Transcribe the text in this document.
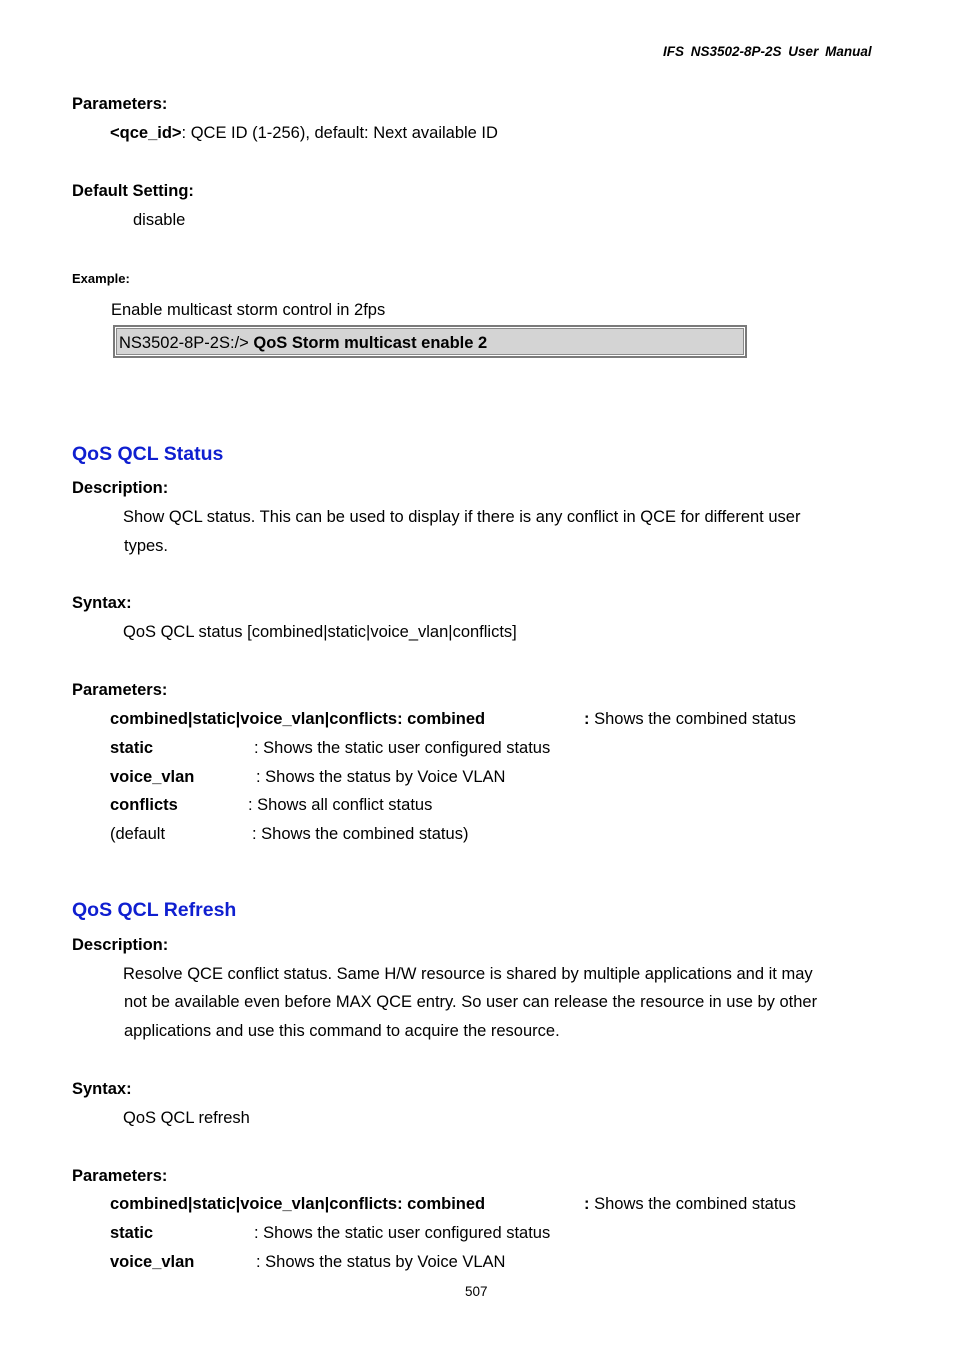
IFS NS3502-8P-2S User Manual
Parameters:
<qce_id>: QCE ID (1-256), default: Next available ID
Default Setting:
disable
Example:
Enable multicast storm control in 2fps
NS3502-8P-2S:/> QoS Storm multicast enable 2
QoS QCL Status
Description:
Show QCL status. This can be used to display if there is any conflict in QCE for different user
types.
Syntax:
QoS QCL status [combined|static|voice_vlan|conflicts]
Parameters:
combined|static|voice_vlan|conflicts: combined	: Shows the combined status
static	: Shows the static user configured status
voice_vlan	: Shows the status by Voice VLAN
conflicts	: Shows all conflict status
(default	: Shows the combined status)
QoS QCL Refresh
Description:
Resolve QCE conflict status. Same H/W resource is shared by multiple applications and it may
not be available even before MAX QCE entry. So user can release the resource in use by other
applications and use this command to acquire the resource.
Syntax:
QoS QCL refresh
Parameters:
combined|static|voice_vlan|conflicts: combined	: Shows the combined status
static	: Shows the static user configured status
voice_vlan	: Shows the status by Voice VLAN
507
